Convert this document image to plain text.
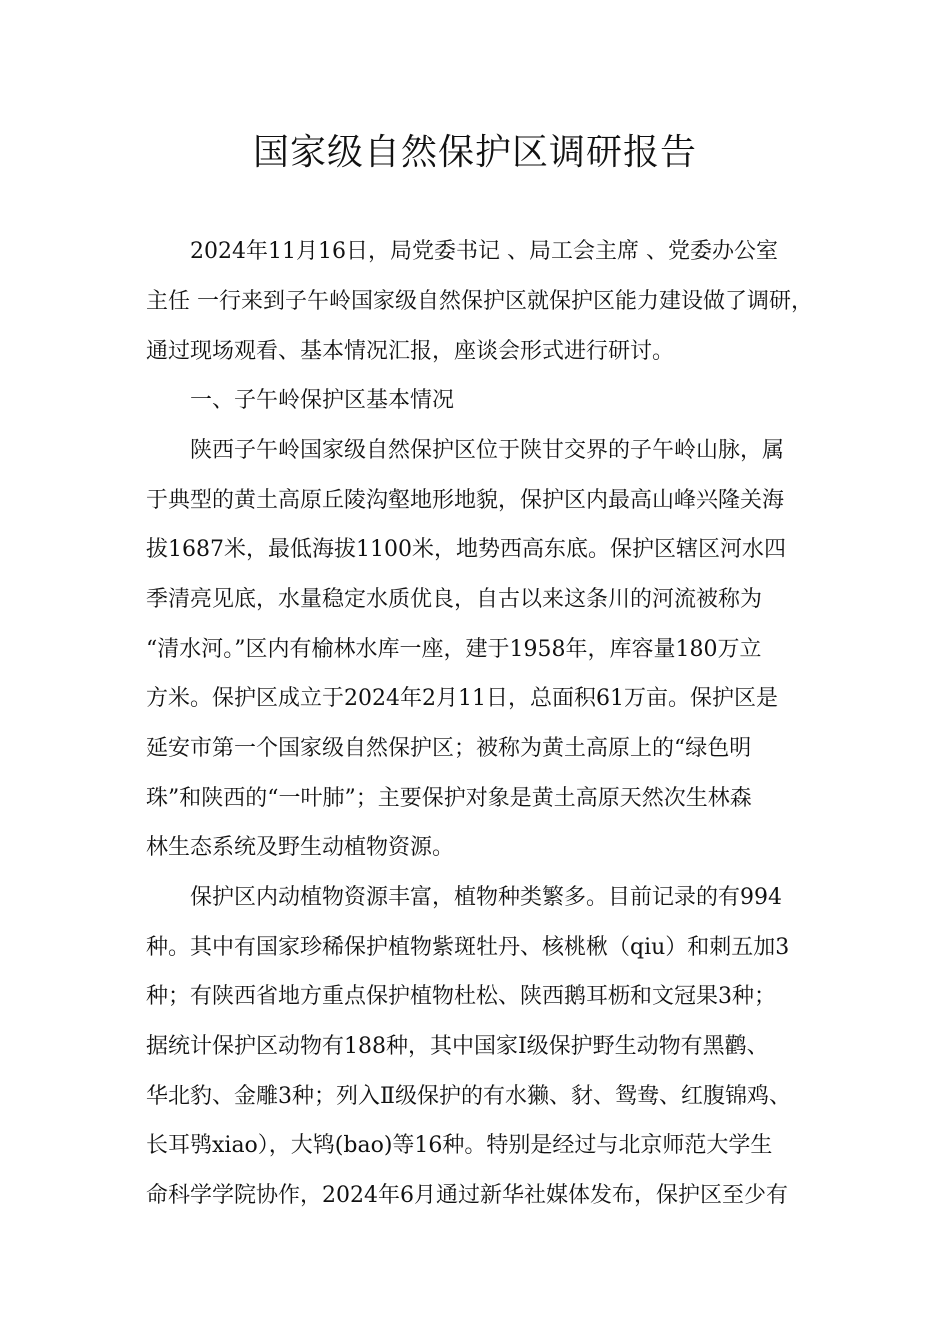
国家级自然保护区调研报告

2024年11月16日，局党委书记 、局工会主席 、党委办公室

主任 一行来到子午岭国家级自然保护区就保护区能力建设做了调研，

通过现场观看、基本情况汇报，座谈会形式进行研讨。

一、子午岭保护区基本情况

陕西子午岭国家级自然保护区位于陕甘交界的子午岭山脉，属

于典型的黄土高原丘陵沟壑地形地貌，保护区内最高山峰兴隆关海

拔1687米，最低海拔1100米，地势西高东底。保护区辖区河水四

季清亮见底，水量稳定水质优良，自古以来这条川的河流被称为

“清水河。”区内有榆林水库一座，建于1958年，库容量180万立

方米。保护区成立于2024年2月11日，总面积61万亩。保护区是

延安市第一个国家级自然保护区；被称为黄土高原上的“绿色明

珠”和陕西的“一叶肺”；主要保护对象是黄土高原天然次生林森

林生态系统及野生动植物资源。

保护区内动植物资源丰富，植物种类繁多。目前记录的有994

种。其中有国家珍稀保护植物紫斑牡丹、核桃楸（qiu）和刺五加3

种；有陕西省地方重点保护植物杜松、陕西鹅耳枥和文冠果3种；

据统计保护区动物有188种，其中国家Ⅰ级保护野生动物有黑鹳、

华北豹、金雕3种；列入Ⅱ级保护的有水獭、豺、鸳鸯、红腹锦鸡、

长耳鸮xiao），大鸨(bao)等16种。特别是经过与北京师范大学生

命科学学院协作，2024年6月通过新华社媒体发布，保护区至少有
